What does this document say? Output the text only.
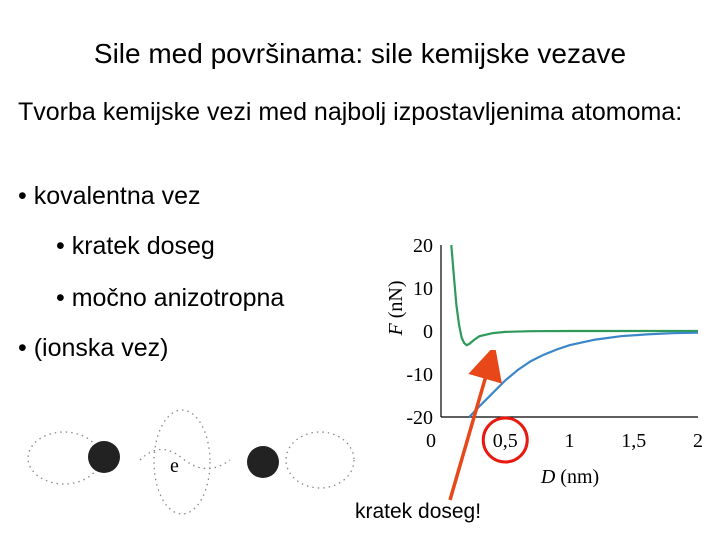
Sile med površinama: sile kemijske vezave
Tvorba kemijske vezi med najbolj izpostavljenima atomoma:
• kovalentna vez
• kratek doseg
• močno anizotropna
• (ionska vez)
e
20
10
0
-10
-20
0	0,5 1 1,5 2
F (nN)
D (nm)
kratek doseg!
